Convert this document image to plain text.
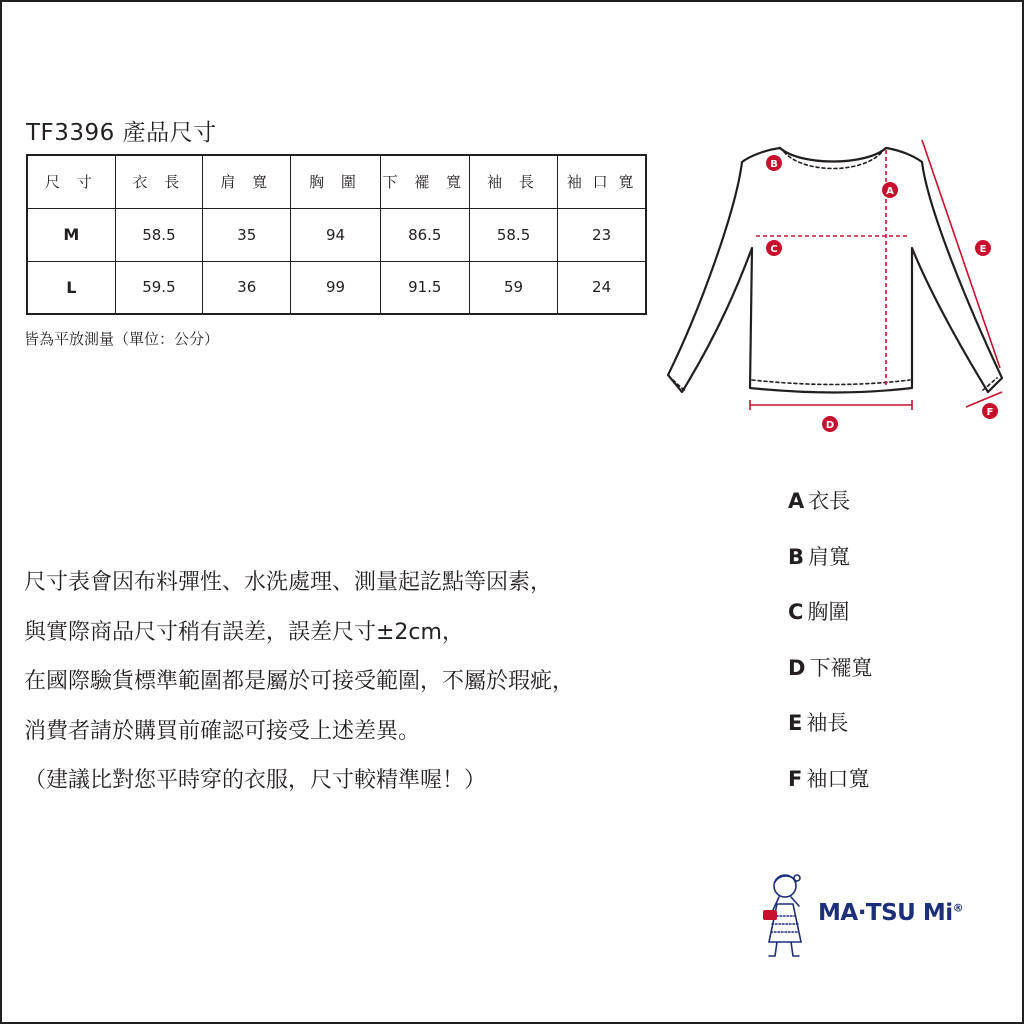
TF3396 產品尺寸
尺 寸	衣 長	肩 寬	胸 圍	下 襬 寬	袖 長	袖 口 寬
M	58.5	35	94	86.5	58.5	23
L	59.5	36	99	91.5	59	24
皆為平放測量（單位：公分）
A
B
C
D
E
F
A 衣長
B 肩寬
C 胸圍
D 下襬寬
E 袖長
F 袖口寬
尺寸表會因布料彈性、水洗處理、測量起訖點等因素，
與實際商品尺寸稍有誤差，誤差尺寸±2cm，
在國際驗貨標準範圍都是屬於可接受範圍，不屬於瑕疵，
消費者請於購買前確認可接受上述差異。
（建議比對您平時穿的衣服，尺寸較精準喔！）
MA·TSU Mi®
